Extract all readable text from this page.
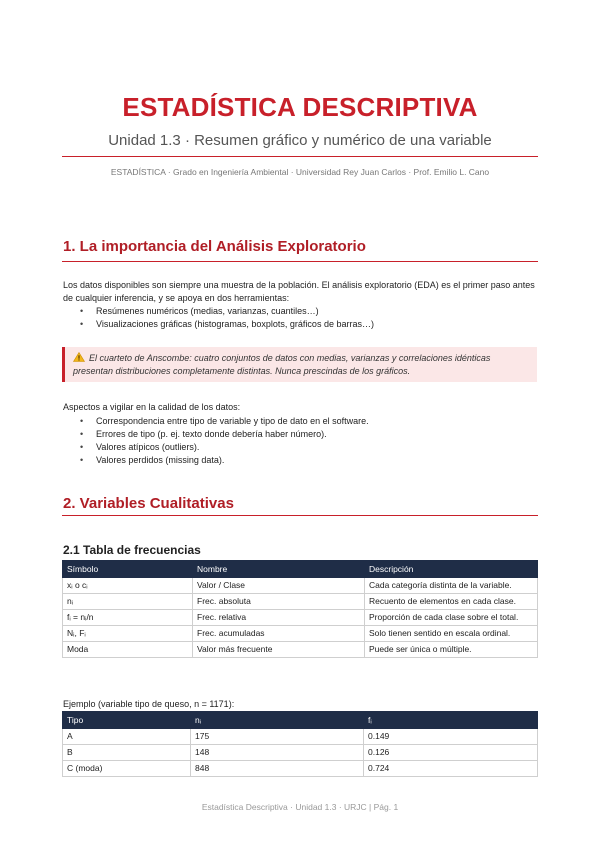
ESTADÍSTICA DESCRIPTIVA
Unidad 1.3 · Resumen gráfico y numérico de una variable
ESTADÍSTICA · Grado en Ingeniería Ambiental · Universidad Rey Juan Carlos · Prof. Emilio L. Cano
1. La importancia del Análisis Exploratorio

Los datos disponibles son siempre una muestra de la población. El análisis exploratorio (EDA) es el primer paso antes de cualquier inferencia, y se apoya en dos herramientas:

• Resúmenes numéricos (medias, varianzas, cuantiles…)
• Visualizaciones gráficas (histogramas, boxplots, gráficos de barras…)
El cuarteto de Anscombe: cuatro conjuntos de datos con medias, varianzas y correlaciones idénticas presentan distribuciones completamente distintas. Nunca prescindas de los gráficos.

Aspectos a vigilar en la calidad de los datos:

• Correspondencia entre tipo de variable y tipo de dato en el software.
• Errores de tipo (p. ej. texto donde debería haber número).
• Valores atípicos (outliers).
• Valores perdidos (missing data).
2. Variables Cualitativas
2.1 Tabla de frecuencias
Símbolo	Nombre	Descripción
xᵢ o cᵢ	Valor / Clase	Cada categoría distinta de la variable.
nᵢ	Frec. absoluta	Recuento de elementos en cada clase.
fᵢ = nᵢ/n	Frec. relativa	Proporción de cada clase sobre el total.
Nᵢ, Fᵢ	Frec. acumuladas	Solo tienen sentido en escala ordinal.
Moda	Valor más frecuente	Puede ser única o múltiple.
Ejemplo (variable tipo de queso, n = 1171):
Tipo	nᵢ	fᵢ
A	175	0.149
B	148	0.126
C (moda)	848	0.724
Estadística Descriptiva · Unidad 1.3 · URJC | Pág. 1
